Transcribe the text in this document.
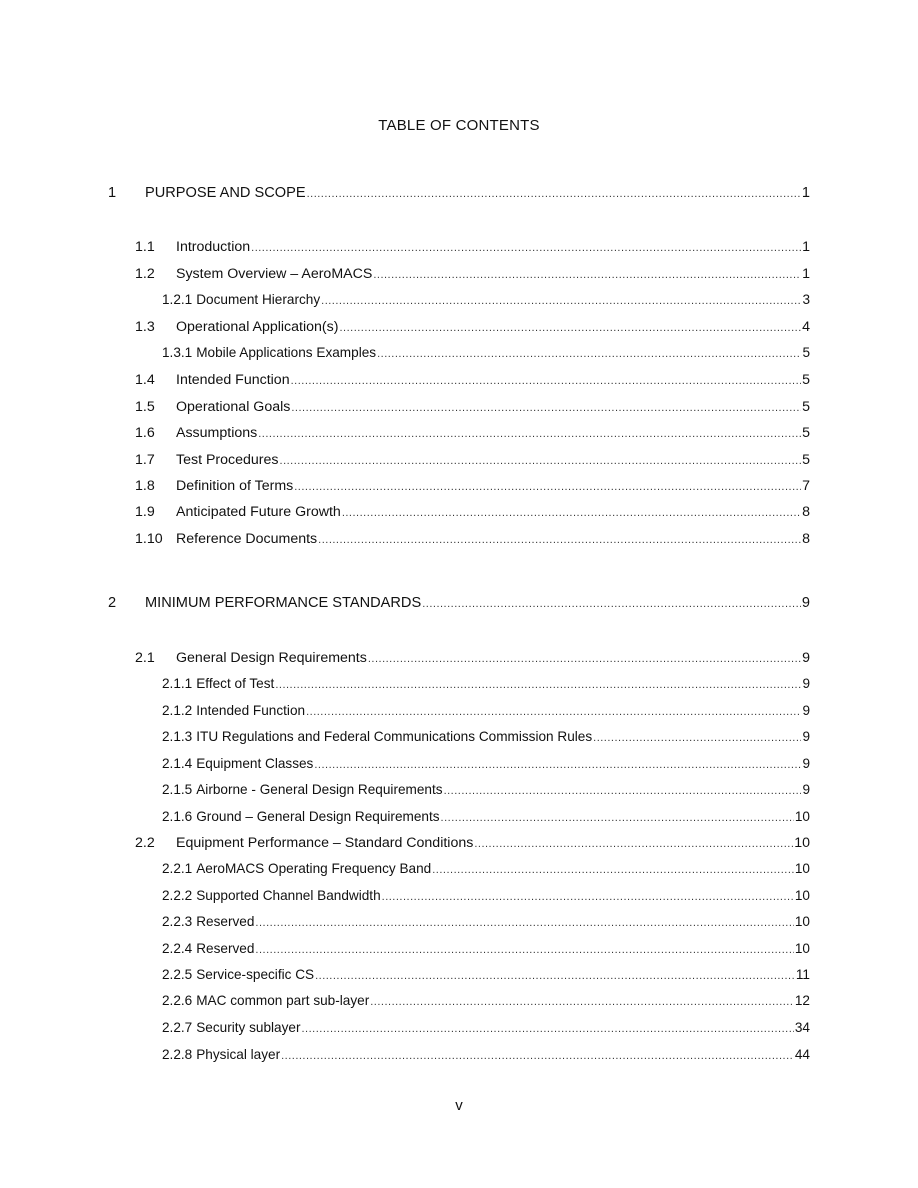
TABLE OF CONTENTS
1	PURPOSE AND SCOPE .....	1
1.1	Introduction .....	1
1.2	System Overview – AeroMACS .....	1
1.2.1 Document Hierarchy .....	3
1.3	Operational Application(s) .....	4
1.3.1 Mobile Applications Examples .....	5
1.4	Intended Function .....	5
1.5	Operational Goals .....	5
1.6	Assumptions .....	5
1.7	Test Procedures .....	5
1.8	Definition of Terms .....	7
1.9	Anticipated Future Growth .....	8
1.10 Reference Documents .....	8
2	MINIMUM PERFORMANCE STANDARDS .....	9
2.1	General Design Requirements .....	9
2.1.1 Effect of Test .....	9
2.1.2 Intended Function .....	9
2.1.3 ITU Regulations and Federal Communications Commission Rules .....	9
2.1.4 Equipment Classes .....	9
2.1.5 Airborne - General Design Requirements .....	9
2.1.6 Ground – General Design Requirements .....	10
2.2	Equipment Performance – Standard Conditions .....	10
2.2.1 AeroMACS Operating Frequency Band .....	10
2.2.2 Supported Channel Bandwidth .....	10
2.2.3 Reserved .....	10
2.2.4 Reserved .....	10
2.2.5 Service-specific CS .....	11
2.2.6 MAC common part sub-layer .....	12
2.2.7 Security sublayer .....	34
2.2.8 Physical layer .....	44
v
